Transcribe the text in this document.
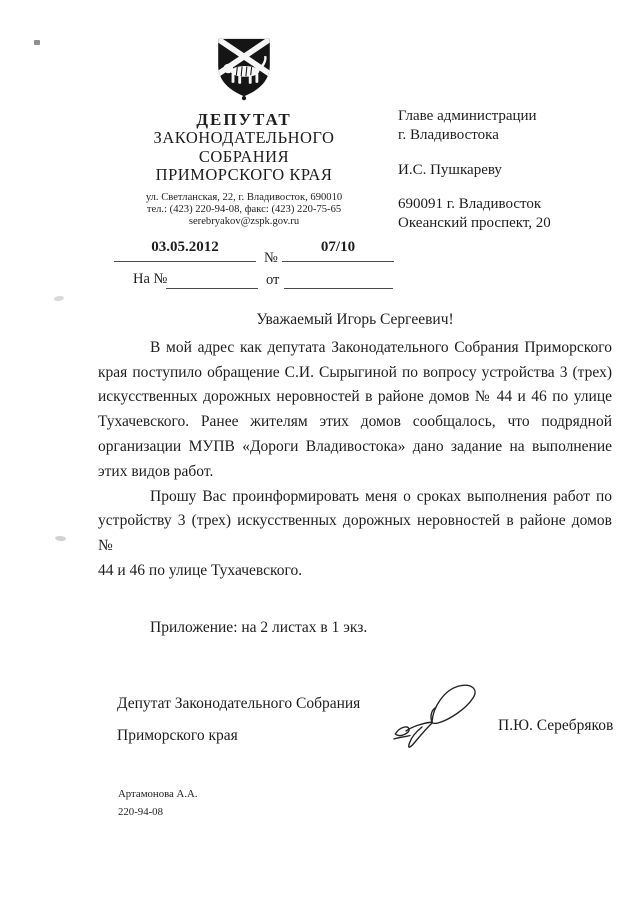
ДЕПУТАТ
ЗАКОНОДАТЕЛЬНОГО
СОБРАНИЯ
ПРИМОРСКОГО КРАЯ
ул. Светланская, 22, г. Владивосток, 690010
тел.: (423) 220-94-08, факс: (423) 220-75-65
serebryakov@zspk.gov.ru
Главе администрации
г. Владивостока
И.С. Пушкареву
690091 г. Владивосток
Океанский проспект, 20
03.05.2012
№
07/10
На №	от
Уважаемый Игорь Сергеевич!
В мой адрес как депутата Законодательного Собрания Приморского
края поступило обращение С.И. Сырыгиной по вопросу устройства 3 (трех)
искусственных дорожных неровностей в районе домов № 44 и 46 по улице
Тухачевского. Ранее жителям этих домов сообщалось, что подрядной
организации МУПВ «Дороги Владивостока» дано задание на выполнение
этих видов работ.
Прошу Вас проинформировать меня о сроках выполнения работ по
устройству 3 (трех) искусственных дорожных неровностей в районе домов №
44 и 46 по улице Тухачевского.
Приложение: на 2 листах в 1 экз.
Депутат Законодательного Собрания
Приморского края
П.Ю. Серебряков
Артамонова А.А.
220-94-08
